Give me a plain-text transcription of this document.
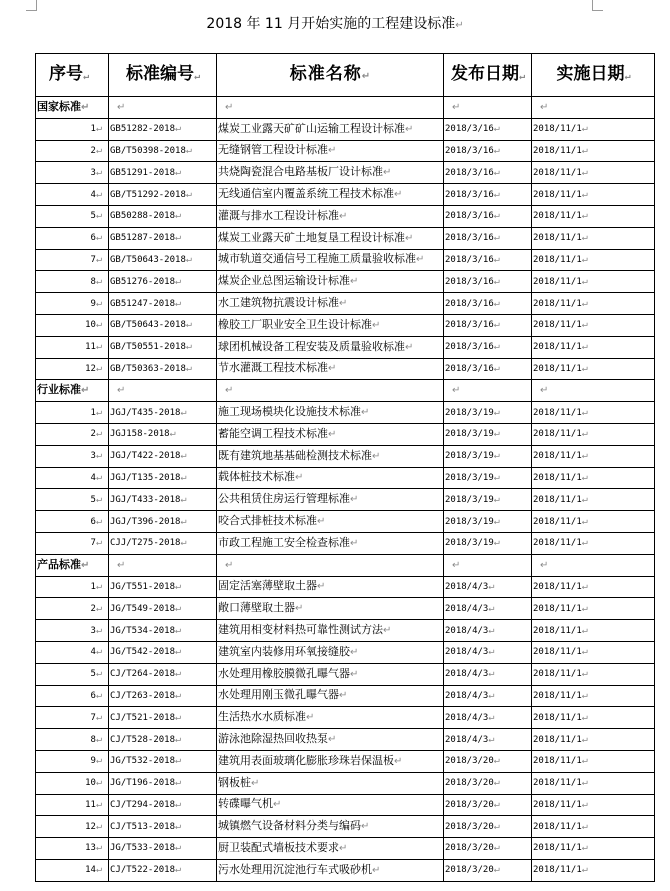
2018 年 11 月开始实施的工程建设标准↵
序号↵	标准编号↵	标准名称↵	发布日期↵	实施日期↵
国家标准↵	↵	↵	↵	↵
1↵	GB51282-2018↵	煤炭工业露天矿矿山运输工程设计标准↵	2018/3/16↵	2018/11/1↵
2↵	GB/T50398-2018↵	无缝钢管工程设计标准↵	2018/3/16↵	2018/11/1↵
3↵	GB51291-2018↵	共烧陶瓷混合电路基板厂设计标准↵	2018/3/16↵	2018/11/1↵
4↵	GB/T51292-2018↵	无线通信室内覆盖系统工程技术标准↵	2018/3/16↵	2018/11/1↵
5↵	GB50288-2018↵	灌溉与排水工程设计标准↵	2018/3/16↵	2018/11/1↵
6↵	GB51287-2018↵	煤炭工业露天矿土地复垦工程设计标准↵	2018/3/16↵	2018/11/1↵
7↵	GB/T50643-2018↵	城市轨道交通信号工程施工质量验收标准↵	2018/3/16↵	2018/11/1↵
8↵	GB51276-2018↵	煤炭企业总图运输设计标准↵	2018/3/16↵	2018/11/1↵
9↵	GB51247-2018↵	水工建筑物抗震设计标准↵	2018/3/16↵	2018/11/1↵
10↵	GB/T50643-2018↵	橡胶工厂职业安全卫生设计标准↵	2018/3/16↵	2018/11/1↵
11↵	GB/T50551-2018↵	球团机械设备工程安装及质量验收标准↵	2018/3/16↵	2018/11/1↵
12↵	GB/T50363-2018↵	节水灌溉工程技术标准↵	2018/3/16↵	2018/11/1↵
行业标准↵	↵	↵	↵	↵
1↵	JGJ/T435-2018↵	施工现场模块化设施技术标准↵	2018/3/19↵	2018/11/1↵
2↵	JGJ158-2018↵	蓄能空调工程技术标准↵	2018/3/19↵	2018/11/1↵
3↵	JGJ/T422-2018↵	既有建筑地基基础检测技术标准↵	2018/3/19↵	2018/11/1↵
4↵	JGJ/T135-2018↵	载体桩技术标准↵	2018/3/19↵	2018/11/1↵
5↵	JGJ/T433-2018↵	公共租赁住房运行管理标准↵	2018/3/19↵	2018/11/1↵
6↵	JGJ/T396-2018↵	咬合式排桩技术标准↵	2018/3/19↵	2018/11/1↵
7↵	CJJ/T275-2018↵	市政工程施工安全检查标准↵	2018/3/19↵	2018/11/1↵
产品标准↵	↵	↵	↵	↵
1↵	JG/T551-2018↵	固定活塞薄壁取土器↵	2018/4/3↵	2018/11/1↵
2↵	JG/T549-2018↵	敞口薄壁取土器↵	2018/4/3↵	2018/11/1↵
3↵	JG/T534-2018↵	建筑用相变材料热可靠性测试方法↵	2018/4/3↵	2018/11/1↵
4↵	JG/T542-2018↵	建筑室内装修用环氧接缝胶↵	2018/4/3↵	2018/11/1↵
5↵	CJ/T264-2018↵	水处理用橡胶膜微孔曝气器↵	2018/4/3↵	2018/11/1↵
6↵	CJ/T263-2018↵	水处理用刚玉微孔曝气器↵	2018/4/3↵	2018/11/1↵
7↵	CJ/T521-2018↵	生活热水水质标准↵	2018/4/3↵	2018/11/1↵
8↵	CJ/T528-2018↵	游泳池除湿热回收热泵↵	2018/4/3↵	2018/11/1↵
9↵	JG/T532-2018↵	建筑用表面玻璃化膨胀珍珠岩保温板↵	2018/3/20↵	2018/11/1↵
10↵	JG/T196-2018↵	钢板桩↵	2018/3/20↵	2018/11/1↵
11↵	CJ/T294-2018↵	转碟曝气机↵	2018/3/20↵	2018/11/1↵
12↵	CJ/T513-2018↵	城镇燃气设备材料分类与编码↵	2018/3/20↵	2018/11/1↵
13↵	JG/T533-2018↵	厨卫装配式墙板技术要求↵	2018/3/20↵	2018/11/1↵
14↵	CJ/T522-2018↵	污水处理用沉淀池行车式吸砂机↵	2018/3/20↵	2018/11/1↵
